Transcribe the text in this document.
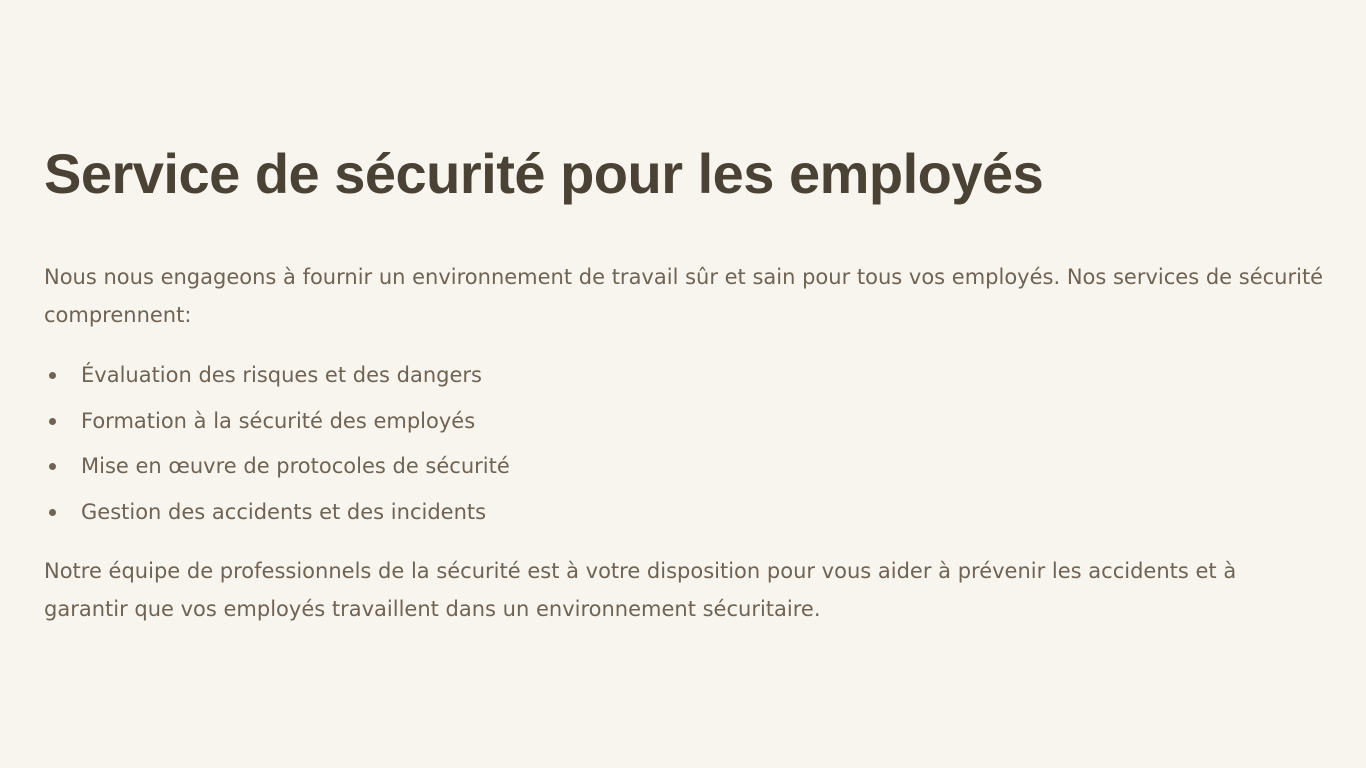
Service de sécurité pour les employés

Nous nous engageons à fournir un environnement de travail sûr et sain pour tous vos employés. Nos services de sécurité comprennent:

Évaluation des risques et des dangers
Formation à la sécurité des employés
Mise en œuvre de protocoles de sécurité
Gestion des accidents et des incidents

Notre équipe de professionnels de la sécurité est à votre disposition pour vous aider à prévenir les accidents et à garantir que vos employés travaillent dans un environnement sécuritaire.
